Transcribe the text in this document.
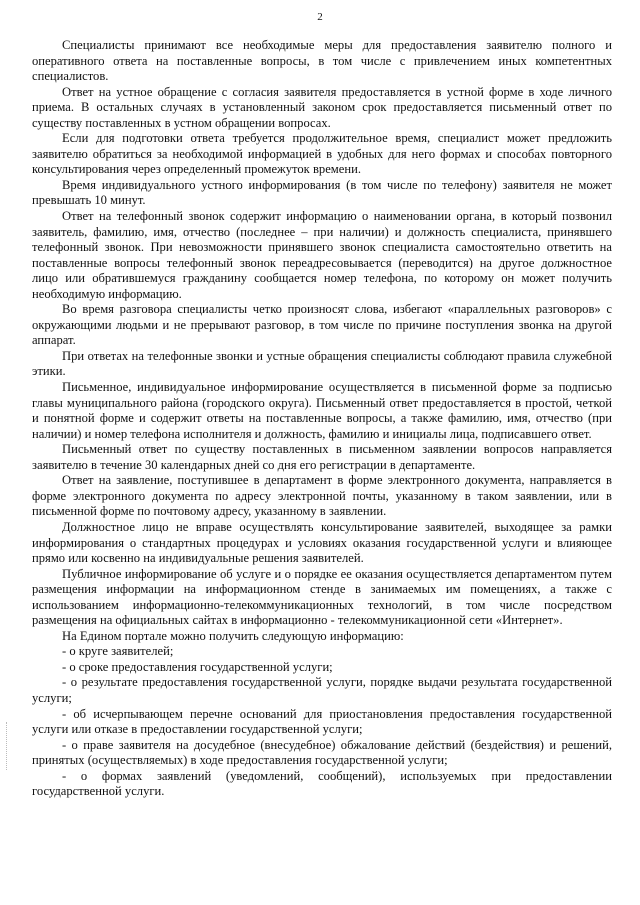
2

Специалисты принимают все необходимые меры для предоставления заявителю полного и оперативного ответа на поставленные вопросы, в том числе с привлечением иных компетентных специалистов.

Ответ на устное обращение с согласия заявителя предоставляется в устной форме в ходе личного приема. В остальных случаях в установленный законом срок предоставляется письменный ответ по существу поставленных в устном обращении вопросах.

Если для подготовки ответа требуется продолжительное время, специалист может предложить заявителю обратиться за необходимой информацией в удобных для него формах и способах повторного консультирования через определенный промежуток времени.

Время индивидуального устного информирования (в том числе по телефону) заявителя не может превышать 10 минут.

Ответ на телефонный звонок содержит информацию о наименовании органа, в который позвонил заявитель, фамилию, имя, отчество (последнее – при наличии) и должность специалиста, принявшего телефонный звонок. При невозможности принявшего звонок специалиста самостоятельно ответить на поставленные вопросы телефонный звонок переадресовывается (переводится) на другое должностное лицо или обратившемуся гражданину сообщается номер телефона, по которому он может получить необходимую информацию.

Во время разговора специалисты четко произносят слова, избегают «параллельных разговоров» с окружающими людьми и не прерывают разговор, в том числе по причине поступления звонка на другой аппарат.

При ответах на телефонные звонки и устные обращения специалисты соблюдают правила служебной этики.

Письменное, индивидуальное информирование осуществляется в письменной форме за подписью главы муниципального района (городского округа). Письменный ответ предоставляется в простой, четкой и понятной форме и содержит ответы на поставленные вопросы, а также фамилию, имя, отчество (при наличии) и номер телефона исполнителя и должность, фамилию и инициалы лица, подписавшего ответ.

Письменный ответ по существу поставленных в письменном заявлении вопросов направляется заявителю в течение 30 календарных дней со дня его регистрации в департаменте.

Ответ на заявление, поступившее в департамент в форме электронного документа, направляется в форме электронного документа по адресу электронной почты, указанному в таком заявлении, или в письменной форме по почтовому адресу, указанному в заявлении.

Должностное лицо не вправе осуществлять консультирование заявителей, выходящее за рамки информирования о стандартных процедурах и условиях оказания государственной услуги и влияющее прямо или косвенно на индивидуальные решения заявителей.

Публичное информирование об услуге и о порядке ее оказания осуществляется департаментом путем размещения информации на информационном стенде в занимаемых им помещениях, а также с использованием информационно-телекоммуникационных технологий, в том числе посредством размещения на официальных сайтах в информационно - телекоммуникационной сети «Интернет».

На Едином портале можно получить следующую информацию:

- о круге заявителей;

- о сроке предоставления государственной услуги;

- о результате предоставления государственной услуги, порядке выдачи результата государственной услуги;

- об исчерпывающем перечне оснований для приостановления предоставления государственной услуги или отказе в предоставлении государственной услуги;

- о праве заявителя на досудебное (внесудебное) обжалование действий (бездействия) и решений, принятых (осуществляемых) в ходе предоставления государственной услуги;

- о формах заявлений (уведомлений, сообщений), используемых при предоставлении государственной услуги.
